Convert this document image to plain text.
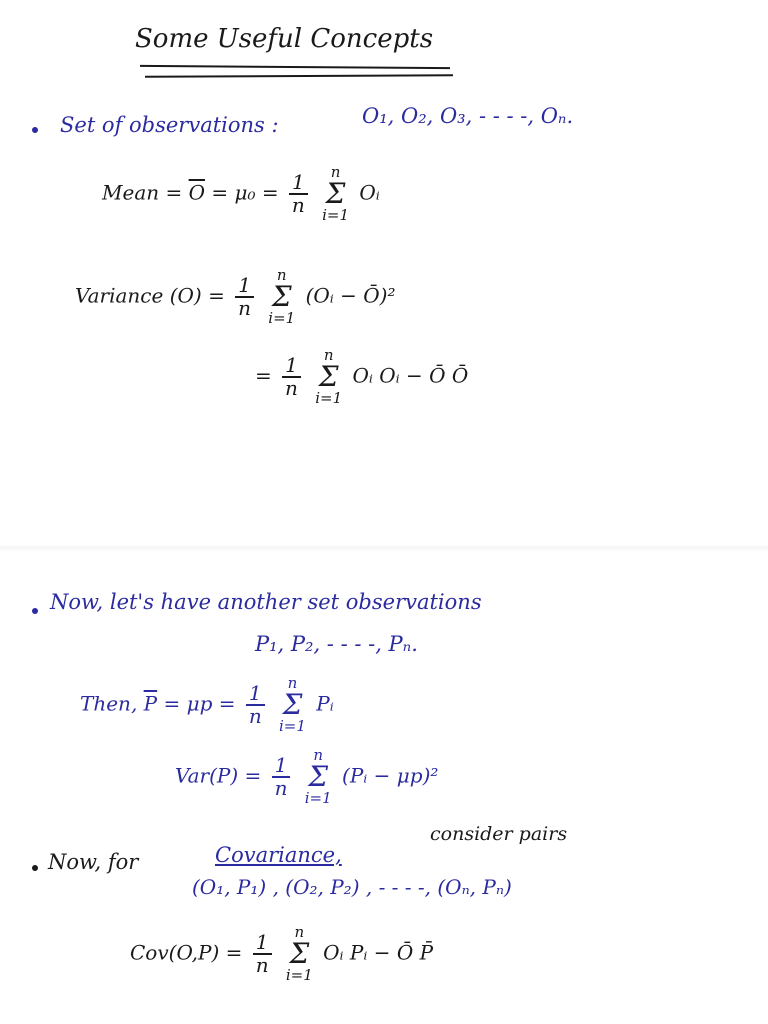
Some Useful Concepts
Set of observations :	O₁, O₂, O₃, - - - -, Oₙ.
Mean = $\overline{O} = \mu_0 = \frac{1}{n}$
n
Σ
i=1
Oᵢ
Variance $(O) = \frac{1}{n}$
n
Σ
i=1
(Oᵢ − Ō)²
= $\frac{1}{n}$
n
Σ
i=1
Oᵢ Oᵢ − Ō Ō
Now, let's have another set observations
P₁, P₂, - - - -, Pₙ.
Then, $\overline{P} = \mu p = \frac{1}{n}$
n
Σ
i=1
Pᵢ
$Var(P) = \frac{1}{n}$
n
Σ
i=1
(Pᵢ − μp)²
Now, for	Covariance,
consider pairs
(O₁, P₁) , (O₂, P₂) , - - - -, (Oₙ, Pₙ)
$Cov(O,P) = \frac{1}{n}$
n
Σ
i=1
Oᵢ Pᵢ − Ō P̄
